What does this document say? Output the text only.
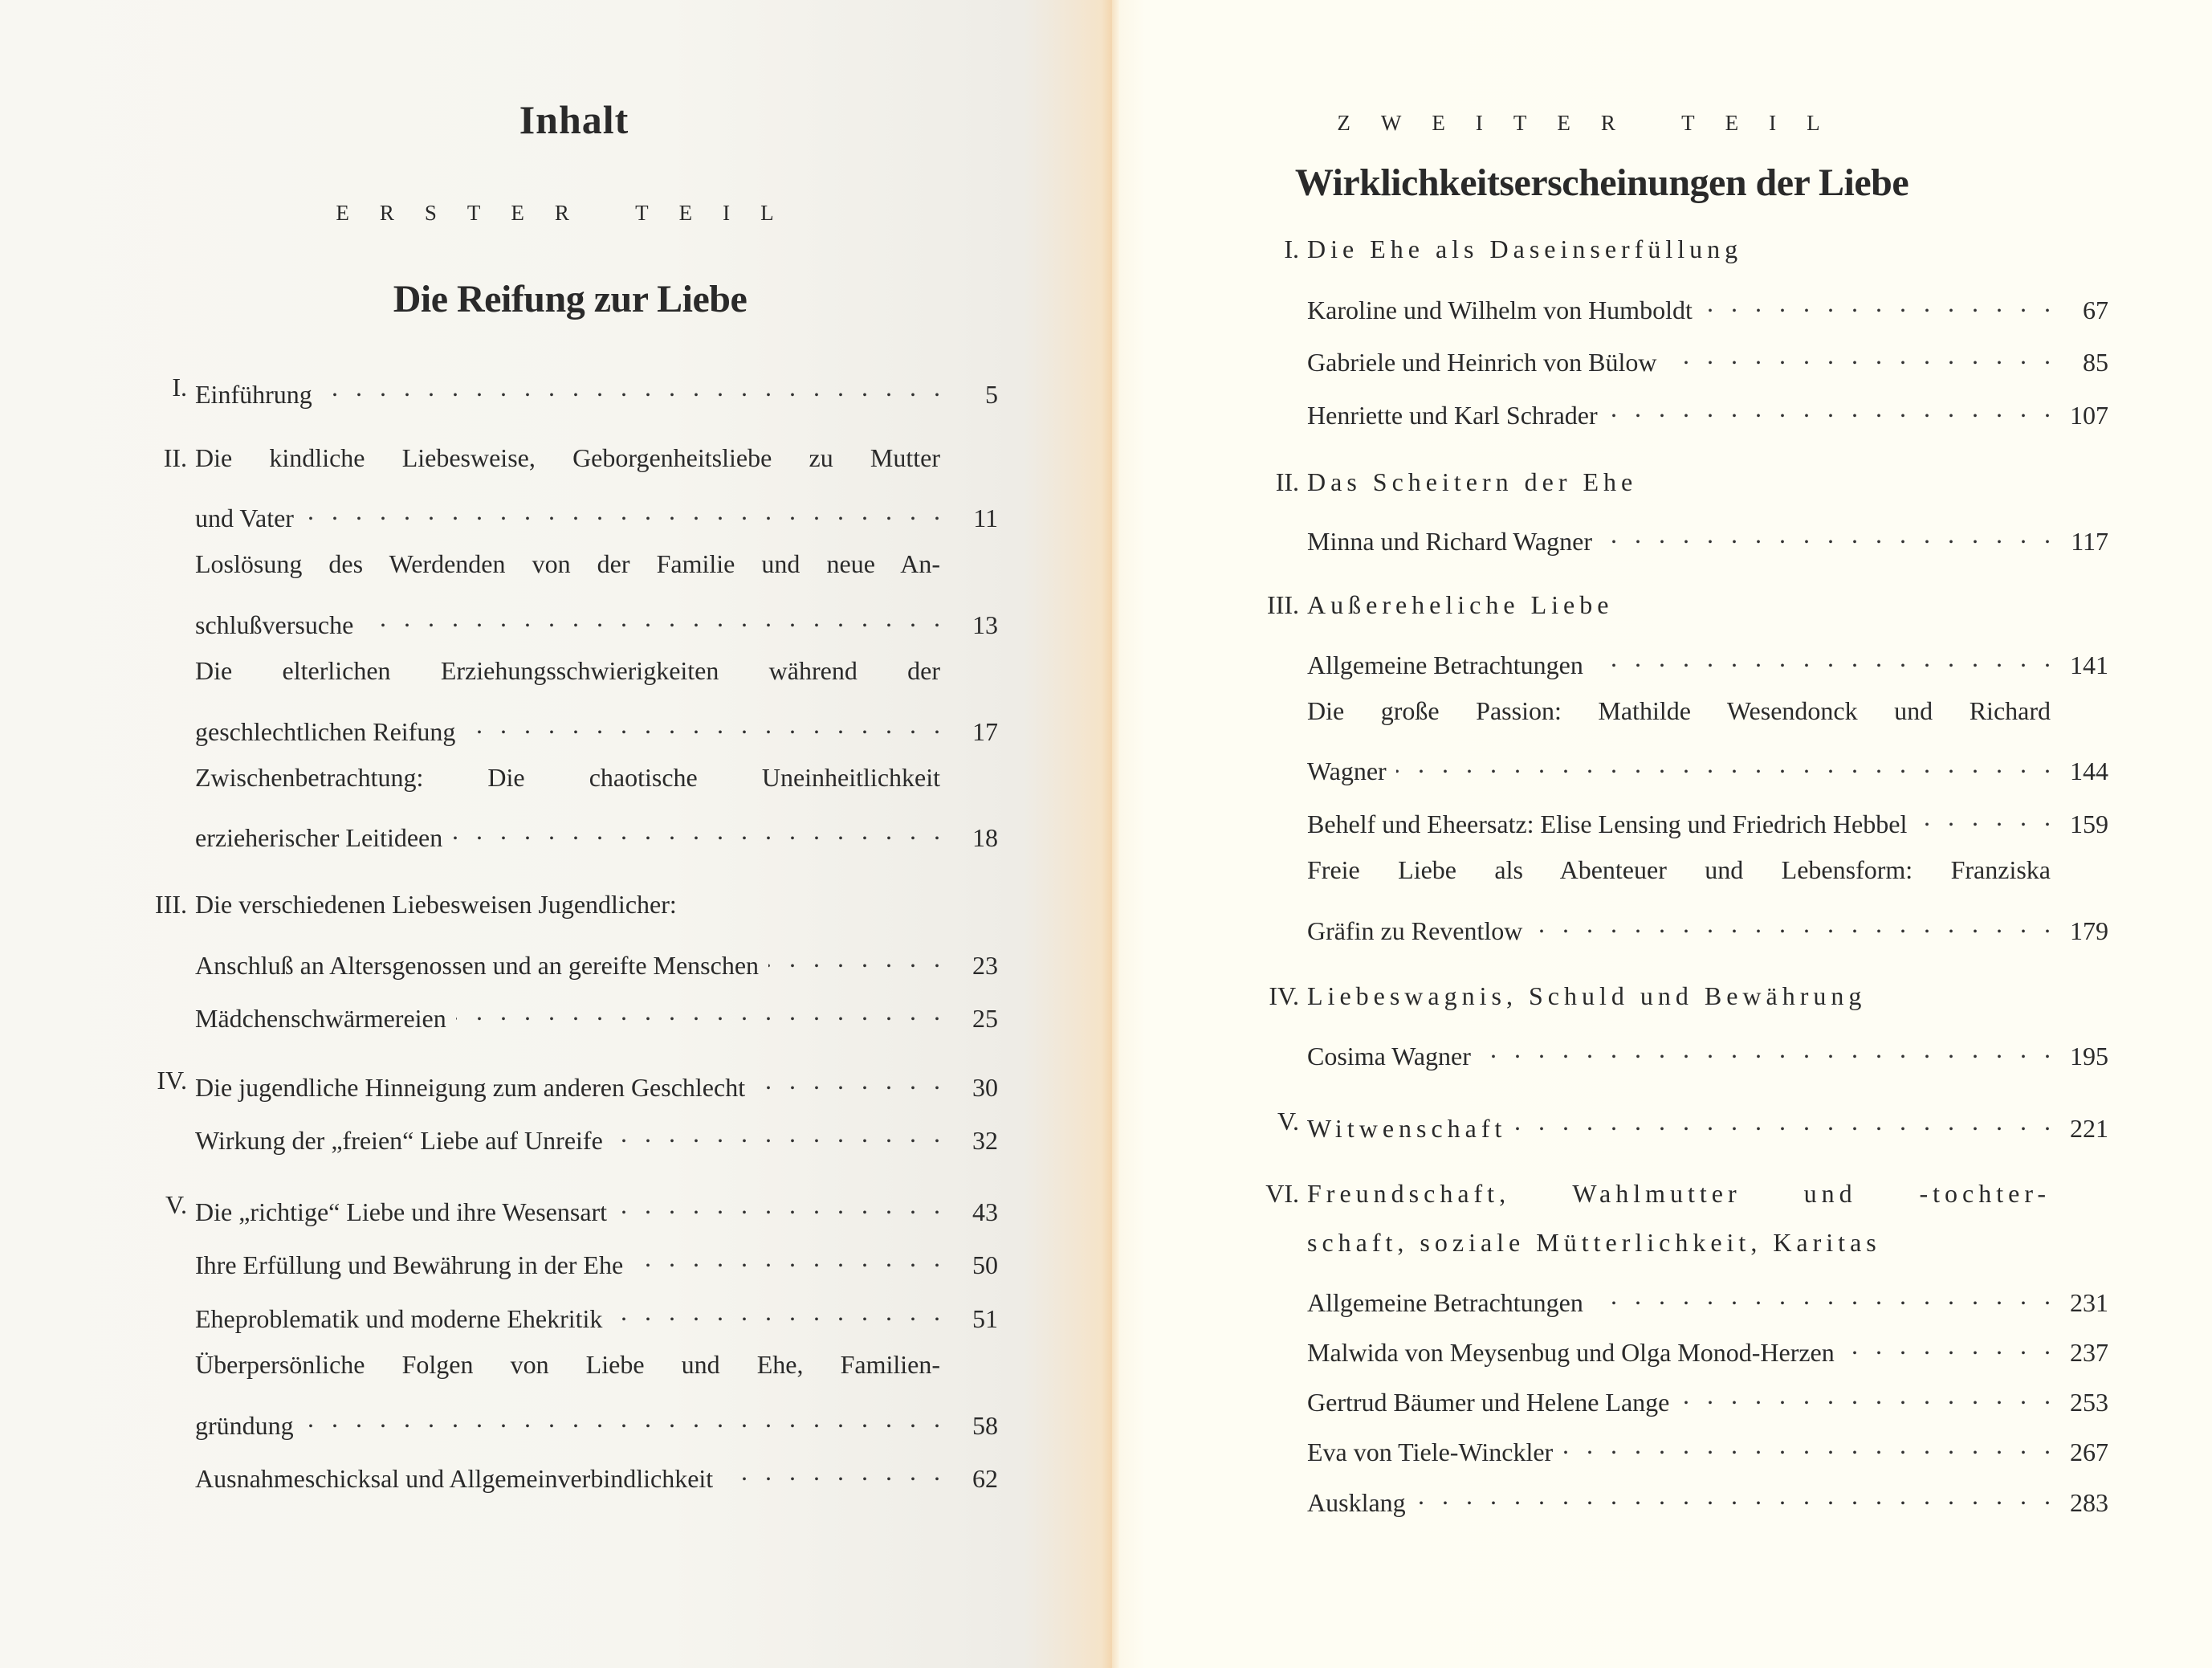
Inhalt
ERSTER TEIL
Die Reifung zur Liebe
I. Einführung . . .	5
II. Die kindliche Liebesweise, Geborgenheitsliebe zu Mutter
und Vater . . .	11
Loslösung des Werdenden von der Familie und neue An-
schlußversuche . . .	13
Die elterlichen Erziehungsschwierigkeiten während der
geschlechtlichen Reifung . . .	17
Zwischenbetrachtung: Die chaotische Uneinheitlichkeit
erzieherischer Leitideen . . .	18
III. Die verschiedenen Liebesweisen Jugendlicher:
Anschluß an Altersgenossen und an gereifte Menschen . . .	23
Mädchenschwärmereien . . .	25
IV. Die jugendliche Hinneigung zum anderen Geschlecht . . .	30
Wirkung der „freien“ Liebe auf Unreife . . .	32
V. Die „richtige“ Liebe und ihre Wesensart . . .	43
Ihre Erfüllung und Bewährung in der Ehe . . .	50
Eheproblematik und moderne Ehekritik . . .	51
Überpersönliche Folgen von Liebe und Ehe, Familien-
gründung . . .	58
Ausnahmeschicksal und Allgemeinverbindlichkeit . . .	62
ZWEITER TEIL
Wirklichkeitserscheinungen der Liebe
I. Die Ehe als Daseinserfüllung
Karoline und Wilhelm von Humboldt . . .	67
Gabriele und Heinrich von Bülow . . .	85
Henriette und Karl Schrader . . .	107
II. Das Scheitern der Ehe
Minna und Richard Wagner . . .	117
III. Außereheliche Liebe
Allgemeine Betrachtungen . . .	141
Die große Passion: Mathilde Wesendonck und Richard
Wagner . . .	144
Behelf und Eheersatz: Elise Lensing und Friedrich Hebbel . . .	159
Freie Liebe als Abenteuer und Lebensform: Franziska
Gräfin zu Reventlow . . .	179
IV. Liebeswagnis, Schuld und Bewährung
Cosima Wagner . . .	195
V. Witwenschaft . . .	221
VI. Freundschaft, Wahlmutter und -tochter-
schaft, soziale Mütterlichkeit, Karitas
Allgemeine Betrachtungen . . .	231
Malwida von Meysenbug und Olga Monod-Herzen . . .	237
Gertrud Bäumer und Helene Lange . . .	253
Eva von Tiele-Winckler . . .	267
Ausklang . . .	283
